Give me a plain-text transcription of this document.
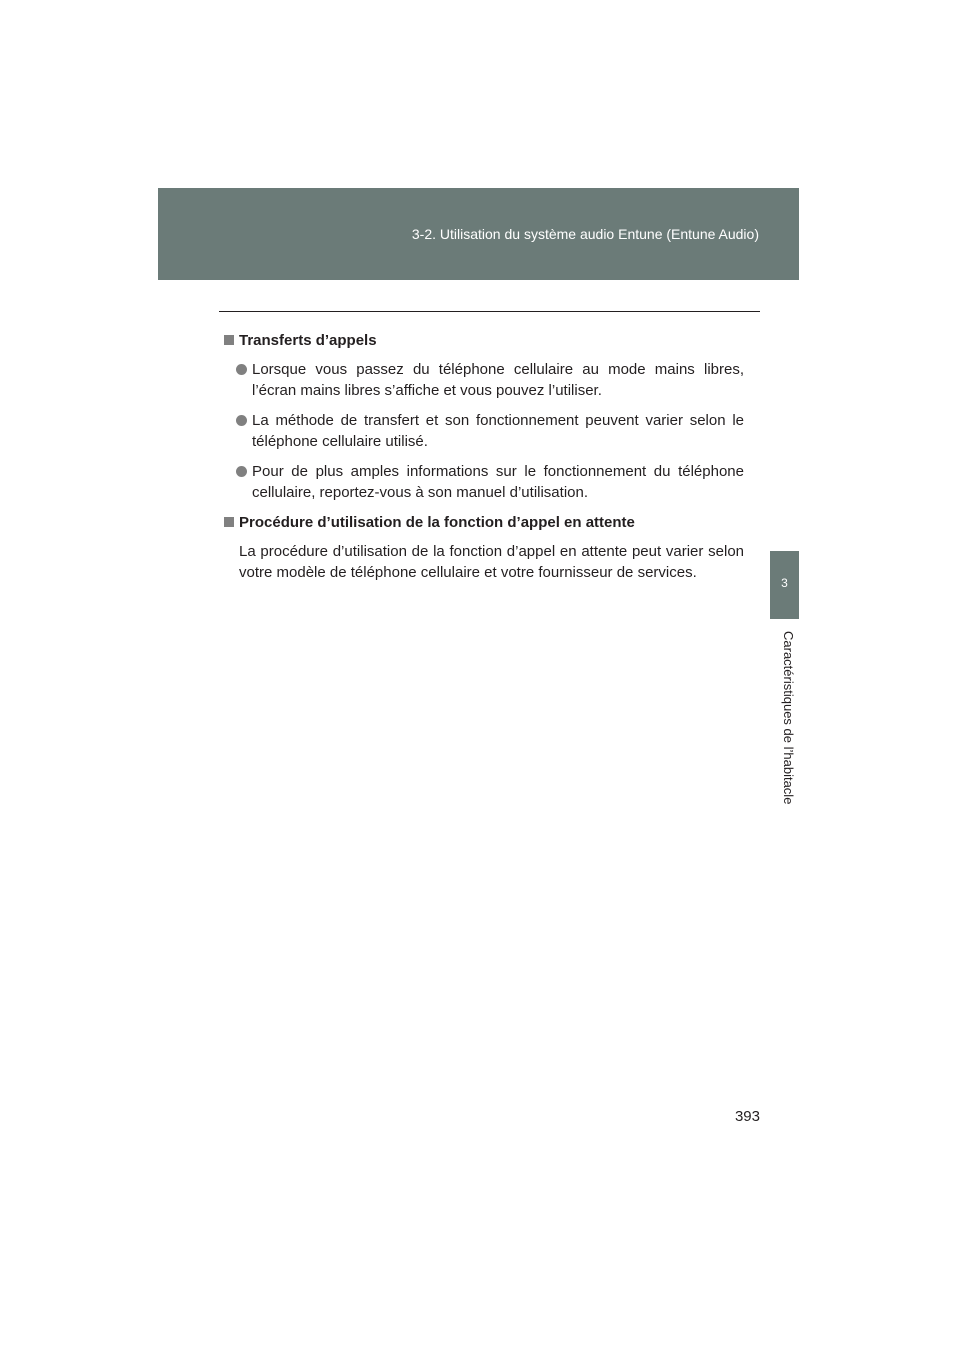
3-2. Utilisation du système audio Entune (Entune Audio)
3
Caractéristiques de l’habitacle
Transferts d’appels
Lorsque vous passez du téléphone cellulaire au mode mains libres, l’écran mains libres s’affiche et vous pouvez l’utiliser.
La méthode de transfert et son fonctionnement peuvent varier selon le téléphone cellulaire utilisé.
Pour de plus amples informations sur le fonctionnement du téléphone cellulaire, reportez-vous à son manuel d’utilisation.
Procédure d’utilisation de la fonction d’appel en attente
La procédure d’utilisation de la fonction d’appel en attente peut varier selon votre modèle de téléphone cellulaire et votre fournisseur de services.
393
